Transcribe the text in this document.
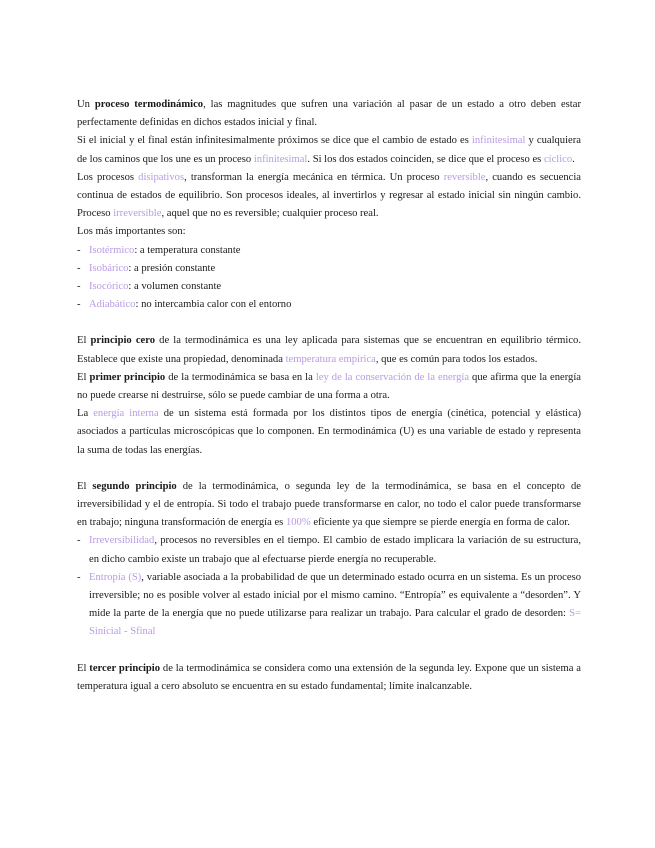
Un proceso termodinámico, las magnitudes que sufren una variación al pasar de un estado a otro deben estar perfectamente definidas en dichos estados inicial y final.

Si el inicial y el final están infinitesimalmente próximos se dice que el cambio de estado es infinitesimal y cualquiera de los caminos que los une es un proceso infinitesimal. Si los dos estados coinciden, se dice que el proceso es cíclico.

Los procesos disipativos, transforman la energía mecánica en térmica. Un proceso reversible, cuando es secuencia continua de estados de equilibrio. Son procesos ideales, al invertirlos y regresar al estado inicial sin ningún cambio. Proceso irreversible, aquel que no es reversible; cualquier proceso real.

Los más importantes son:

- Isotérmico: a temperatura constante
- Isobárico: a presión constante
- Isocórico: a volumen constante
- Adiabático: no intercambia calor con el entorno

El principio cero de la termodinámica es una ley aplicada para sistemas que se encuentran en equilibrio térmico. Establece que existe una propiedad, denominada temperatura empírica, que es común para todos los estados.

El primer principio de la termodinámica se basa en la ley de la conservación de la energía que afirma que la energía no puede crearse ni destruirse, sólo se puede cambiar de una forma a otra.

La energía interna de un sistema está formada por los distintos tipos de energía (cinética, potencial y elástica) asociados a partículas microscópicas que lo componen. En termodinámica (U) es una variable de estado y representa la suma de todas las energías.

El segundo principio de la termodinámica, o segunda ley de la termodinámica, se basa en el concepto de irreversibilidad y el de entropía. Si todo el trabajo puede transformarse en calor, no todo el calor puede transformarse en trabajo; ninguna transformación de energía es 100% eficiente ya que siempre se pierde energía en forma de calor.

- Irreversibilidad, procesos no reversibles en el tiempo. El cambio de estado implicara la variación de su estructura, en dicho cambio existe un trabajo que al efectuarse pierde energía no recuperable.
- Entropía (S), variable asociada a la probabilidad de que un determinado estado ocurra en un sistema. Es un proceso irreversible; no es posible volver al estado inicial por el mismo camino. “Entropía” es equivalente a “desorden”. Y mide la parte de la energía que no puede utilizarse para realizar un trabajo. Para calcular el grado de desorden: S= Sinicial - Sfinal

El tercer principio de la termodinámica se considera como una extensión de la segunda ley. Expone que un sistema a temperatura igual a cero absoluto se encuentra en su estado fundamental; límite inalcanzable.
